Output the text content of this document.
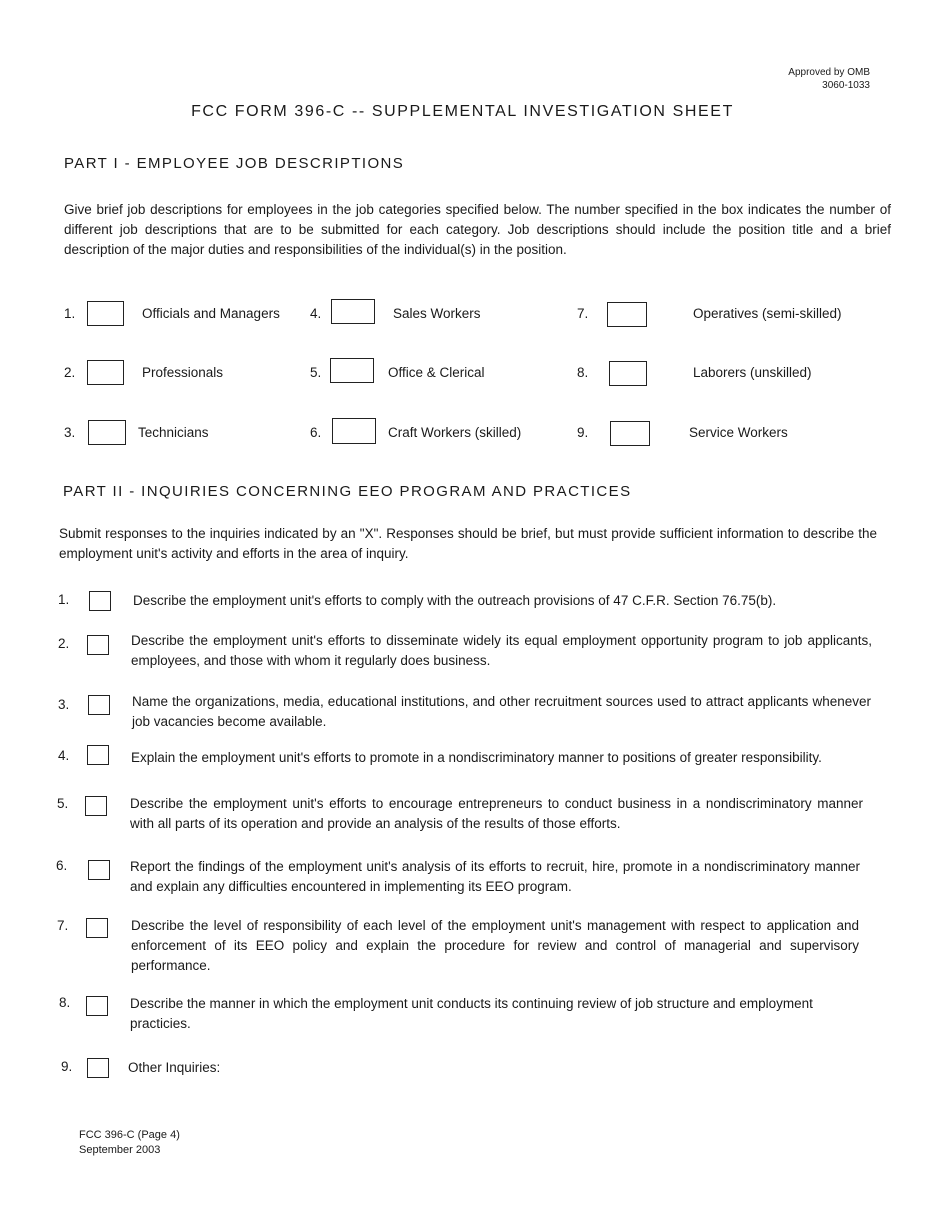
Approved by OMB
3060-1033
FCC FORM 396-C -- SUPPLEMENTAL INVESTIGATION SHEET
PART I - EMPLOYEE JOB DESCRIPTIONS
Give brief job descriptions for employees in the job categories specified below. The number specified in the box indicates the number of different job descriptions that are to be submitted for each category. Job descriptions should include the position title and a brief description of the major duties and responsibilities of the individual(s) in the position.
1.	Officials and Managers 4.	Sales Workers	7.	Operatives (semi-skilled)
2.	Professionals	5.	Office & Clerical	8.	Laborers (unskilled)
3.	Technicians	6.	Craft Workers (skilled)	9.	Service Workers
PART II - INQUIRIES CONCERNING EEO PROGRAM AND PRACTICES
Submit responses to the inquiries indicated by an "X". Responses should be brief, but must provide sufficient information to describe the employment unit's activity and efforts in the area of inquiry.
1.	Describe the employment unit's efforts to comply with the outreach provisions of 47 C.F.R. Section 76.75(b).
2.	Describe the employment unit's efforts to disseminate widely its equal employment opportunity program to job applicants, employees, and those with whom it regularly does business.
3.	Name the organizations, media, educational institutions, and other recruitment sources used to attract applicants whenever job vacancies become available.
4.	Explain the employment unit's efforts to promote in a nondiscriminatory manner to positions of greater responsibility.
5.	Describe the employment unit's efforts to encourage entrepreneurs to conduct business in a nondiscriminatory manner with all parts of its operation and provide an analysis of the results of those efforts.
6.	Report the findings of the employment unit's analysis of its efforts to recruit, hire, promote in a nondiscriminatory manner and explain any difficulties encountered in implementing its EEO program.
7.	Describe the level of responsibility of each level of the employment unit's management with respect to application and enforcement of its EEO policy and explain the procedure for review and control of managerial and supervisory performance.
8.	Describe the manner in which the employment unit conducts its continuing review of job structure and employment practicies.
9.	Other Inquiries:
FCC 396-C (Page 4)
September 2003
